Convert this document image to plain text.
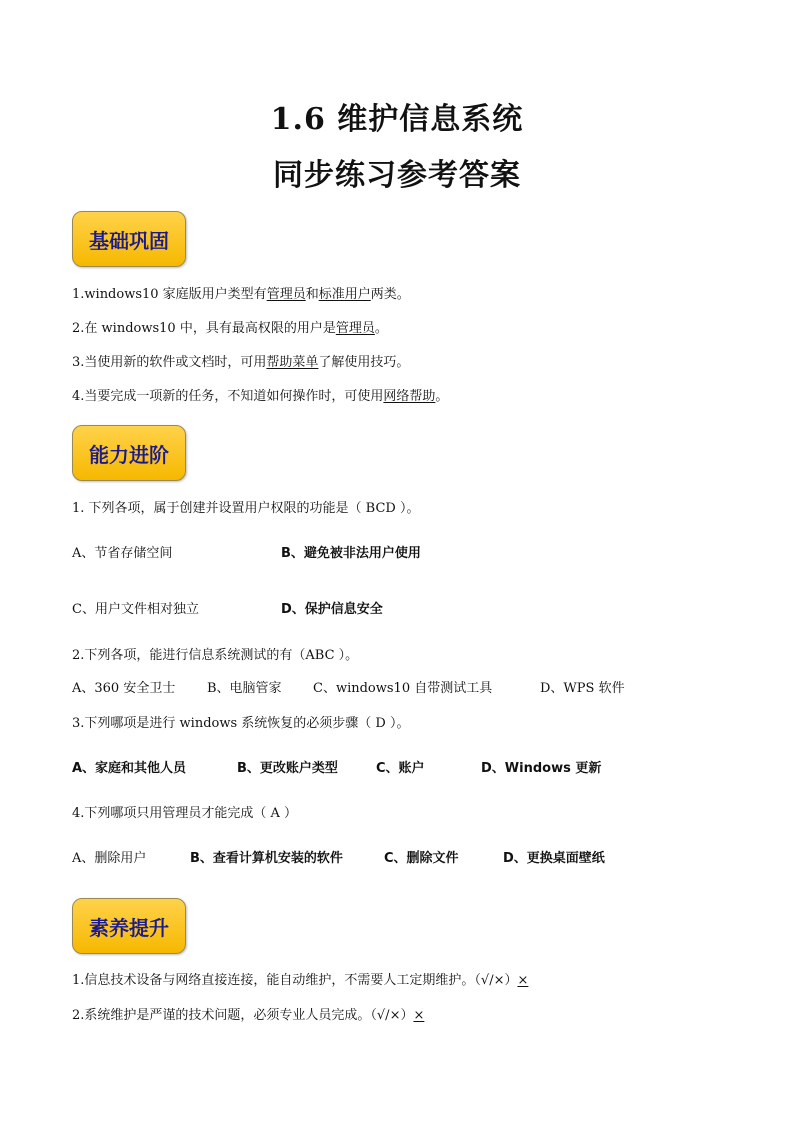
1.6 维护信息系统
同步练习参考答案
基础巩固
1.windows10 家庭版用户类型有管理员和标准用户两类。
2.在 windows10 中，具有最高权限的用户是管理员。
3.当使用新的软件或文档时，可用帮助菜单了解使用技巧。
4.当要完成一项新的任务，不知道如何操作时，可使用网络帮助。
能力进阶
1. 下列各项，属于创建并设置用户权限的功能是（ BCD ）。
A、节省存储空间	B、避免被非法用户使用
C、用户文件相对独立	D、保护信息安全
2.下列各项，能进行信息系统测试的有（ABC ）。
A、360 安全卫士 B、电脑管家 C、windows10 自带测试工具	D、WPS 软件
3.下列哪项是进行 windows 系统恢复的必须步骤（ D ）。
A、家庭和其他人员	B、更改账户类型	C、账户	D、Windows 更新
4.下列哪项只用管理员才能完成（ A ）
A、删除用户	B、查看计算机安装的软件	C、删除文件	D、更换桌面壁纸
素养提升
1.信息技术设备与网络直接连接，能自动维护，不需要人工定期维护。（√/×）×
2.系统维护是严谨的技术问题，必须专业人员完成。（√/×）×
